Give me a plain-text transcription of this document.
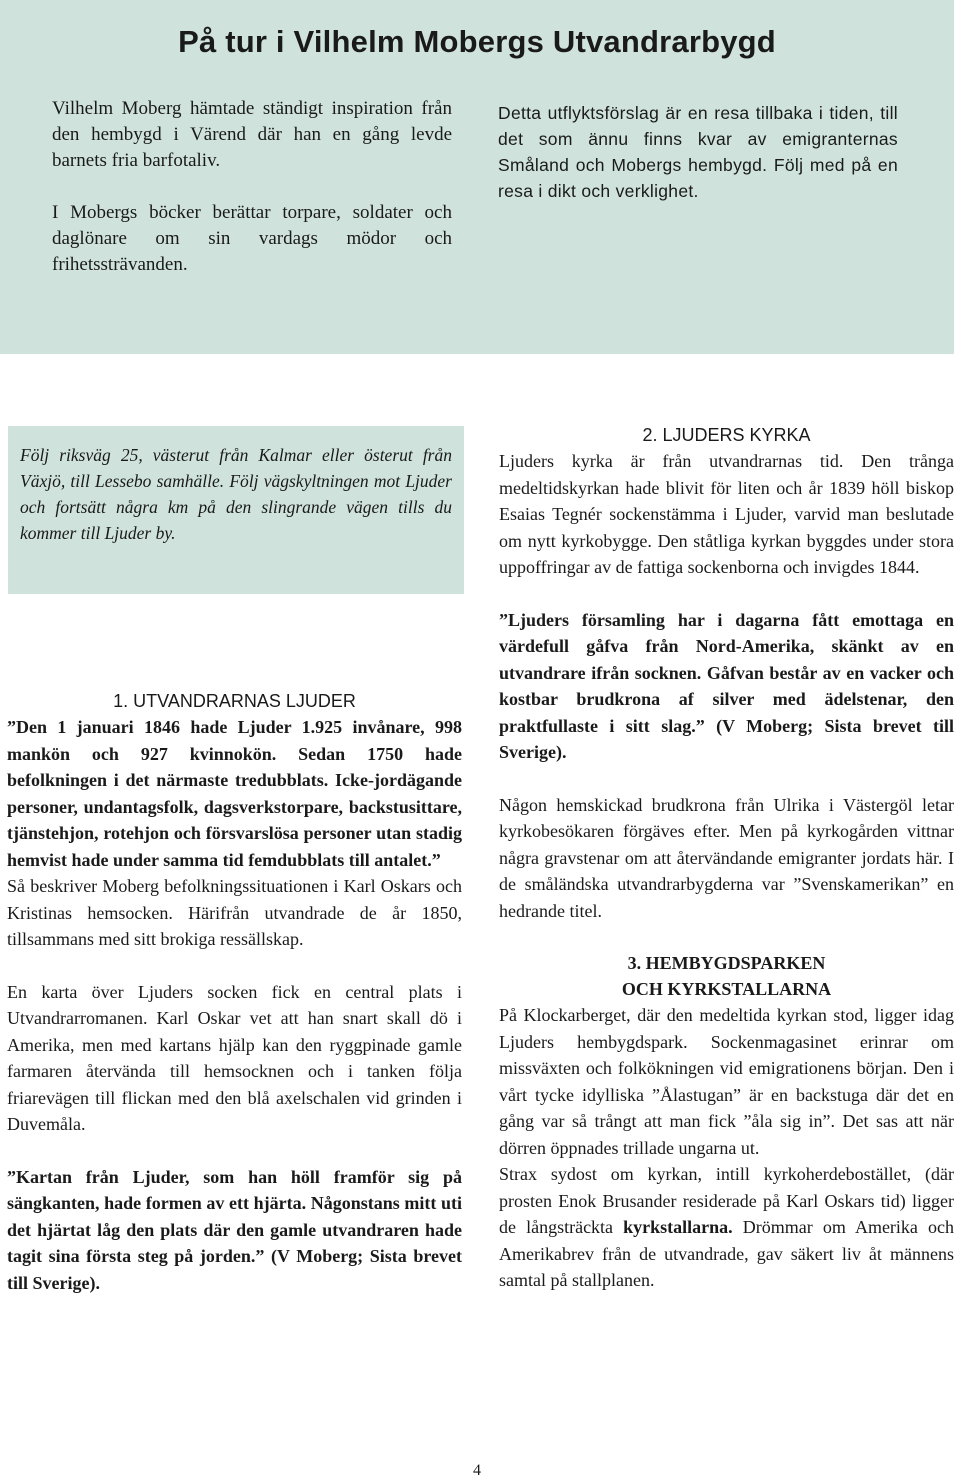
På tur i Vilhelm Mobergs Utvandrarbygd

Vilhelm Moberg hämtade ständigt inspiration från den hembygd i Värend där han en gång levde barnets fria barfotaliv.

I Mobergs böcker berättar torpare, soldater och daglönare om sin vardags mödor och frihetssträvanden.

Detta utflyktsförslag är en resa tillbaka i tiden, till det som ännu finns kvar av emigranternas Småland och Mobergs hembygd. Följ med på en resa i dikt och verklighet.
Följ riksväg 25, västerut från Kalmar eller österut från Växjö, till Lessebo samhälle. Följ vägskyltningen mot Ljuder och fortsätt några km på den slingrande vägen tills du kommer till Ljuder by.
1. UTVANDRARNAS LJUDER

”Den 1 januari 1846 hade Ljuder 1.925 invånare, 998 mankön och 927 kvinnokön. Sedan 1750 hade befolkningen i det närmaste tredubblats. Icke-jordägande personer, undantagsfolk, dagsverkstorpare, backstusittare, tjänstehjon, rotehjon och försvarslösa personer utan stadig hemvist hade under samma tid femdubblats till antalet.”

Så beskriver Moberg befolkningssituationen i Karl Oskars och Kristinas hemsocken. Härifrån utvandrade de år 1850, tillsammans med sitt brokiga ressällskap.

En karta över Ljuders socken fick en central plats i Utvandrarromanen. Karl Oskar vet att han snart skall dö i Amerika, men med kartans hjälp kan den ryggpinade gamle farmaren återvända till hemsocknen och i tanken följa friarevägen till flickan med den blå axelschalen vid grinden i Duvemåla.

”Kartan från Ljuder, som han höll framför sig på sängkanten, hade formen av ett hjärta. Någonstans mitt uti det hjärtat låg den plats där den gamle utvandraren hade tagit sina första steg på jorden.” (V Moberg; Sista brevet till Sverige).

2. LJUDERS KYRKA

Ljuders kyrka är från utvandrarnas tid. Den trånga medeltidskyrkan hade blivit för liten och år 1839 höll biskop Esaias Tegnér sockenstämma i Ljuder, varvid man beslutade om nytt kyrkobygge. Den ståtliga kyrkan byggdes under stora uppoffringar av de fattiga sockenborna och invigdes 1844.

”Ljuders församling har i dagarna fått emottaga en värdefull gåfva från Nord-Amerika, skänkt av en utvandrare ifrån socknen. Gåfvan består av en vacker och kostbar brudkrona af silver med ädelstenar, den praktfullaste i sitt slag.” (V Moberg; Sista brevet till Sverige).

Någon hemskickad brudkrona från Ulrika i Västergöl letar kyrkobesökaren förgäves efter. Men på kyrkogården vittnar några gravstenar om att återvändande emigranter jordats här. I de småländska utvandrarbygderna var ”Svenskamerikan” en hedrande titel.

3. HEMBYGDSPARKEN
OCH KYRKSTALLARNA

På Klockarberget, där den medeltida kyrkan stod, ligger idag Ljuders hembygdspark. Sockenmagasinet erinrar om missväxten och folkökningen vid emigrationens början. Den i vårt tycke idylliska ”Ålastugan” är en backstuga där det en gång var så trångt att man fick ”åla sig in”. Det sas att när dörren öppnades trillade ungarna ut.

Strax sydost om kyrkan, intill kyrkoherdebostället, (där prosten Enok Brusander residerade på Karl Oskars tid) ligger de långsträckta kyrkstallarna. Drömmar om Amerika och Amerikabrev från de utvandrade, gav säkert liv åt männens samtal på stallplanen.

4
